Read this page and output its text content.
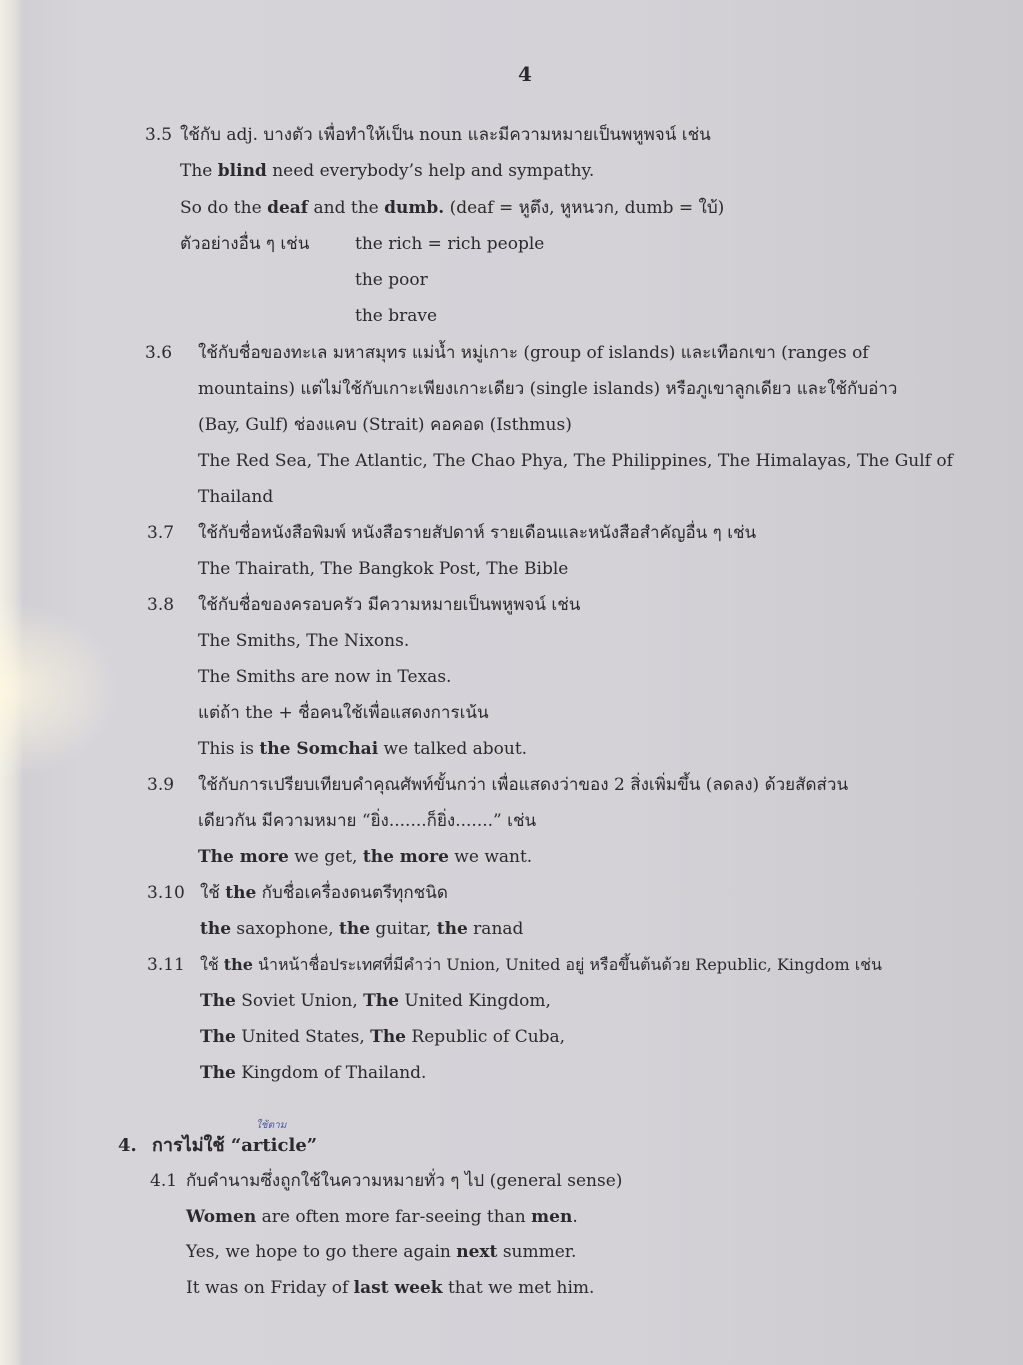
4
3.5 ใช้กับ adj. บางตัว เพื่อทำให้เป็น noun และมีความหมายเป็นพหูพจน์ เช่น
The blind need everybody’s help and sympathy.
So do the deaf and the dumb. (deaf = หูตึง, หูหนวก, dumb = ใบ้)
ตัวอย่างอื่น ๆ เช่น	the rich = rich people
the poor
the brave
3.6 ใช้กับชื่อของทะเล มหาสมุทร แม่น้ำ หมู่เกาะ (group of islands) และเทือกเขา (ranges of
mountains) แต่ไม่ใช้กับเกาะเพียงเกาะเดียว (single islands) หรือภูเขาลูกเดียว และใช้กับอ่าว
(Bay, Gulf) ช่องแคบ (Strait) คอคอด (Isthmus)
The Red Sea, The Atlantic, The Chao Phya, The Philippines, The Himalayas, The Gulf of
Thailand
3.7 ใช้กับชื่อหนังสือพิมพ์ หนังสือรายสัปดาห์ รายเดือนและหนังสือสำคัญอื่น ๆ เช่น
The Thairath, The Bangkok Post, The Bible
3.8 ใช้กับชื่อของครอบครัว มีความหมายเป็นพหูพจน์ เช่น
The Smiths, The Nixons.
The Smiths are now in Texas.
แต่ถ้า the + ชื่อคนใช้เพื่อแสดงการเน้น
This is the Somchai we talked about.
3.9 ใช้กับการเปรียบเทียบคำคุณศัพท์ขั้นกว่า เพื่อแสดงว่าของ 2 สิ่งเพิ่มขึ้น (ลดลง) ด้วยสัดส่วน
เดียวกัน มีความหมาย “ยิ่ง.......ก็ยิ่ง.......” เช่น
The more we get, the more we want.
3.10 ใช้ the กับชื่อเครื่องดนตรีทุกชนิด
the saxophone, the guitar, the ranad
3.11 ใช้ the นำหน้าชื่อประเทศที่มีคำว่า Union, United อยู่ หรือขึ้นต้นด้วย Republic, Kingdom เช่น
The Soviet Union, The United Kingdom,
The United States, The Republic of Cuba,
The Kingdom of Thailand.
ใช้ตาม
4. การไม่ใช้ “article”
4.1 กับคำนามซึ่งถูกใช้ในความหมายทั่ว ๆ ไป (general sense)
Women are often more far-seeing than men.
Yes, we hope to go there again next summer.
It was on Friday of last week that we met him.
